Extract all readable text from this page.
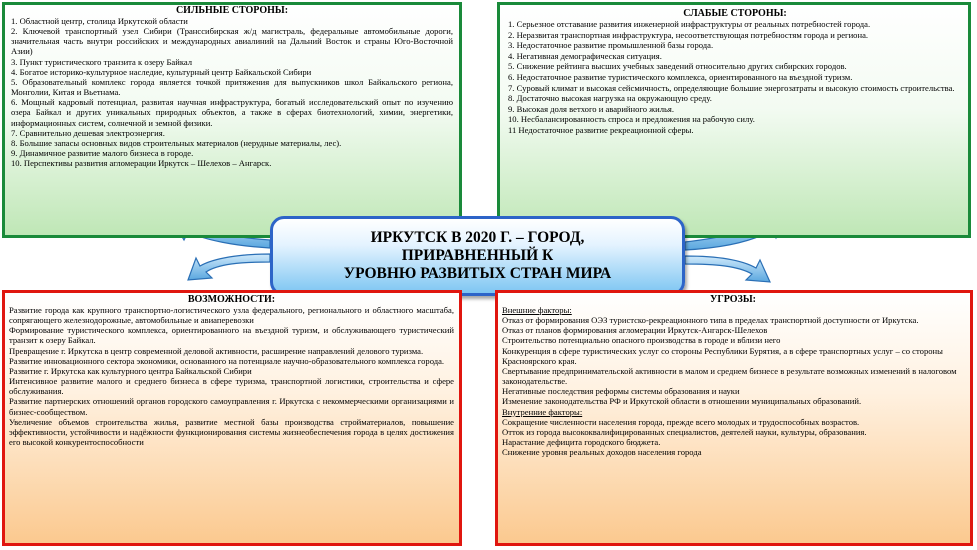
СИЛЬНЫЕ СТОРОНЫ:

1. Областной центр, столица Иркутской области

2. Ключевой транспортный узел Сибири (Транссибирская ж/д магистраль, федеральные автомобильные дороги, значительная часть внутри российских и международных авиалиний на Дальний Восток и страны Юго-Восточной Азии)

3. Пункт туристического транзита к озеру Байкал

4. Богатое историко-культурное наследие, культурный центр Байкальской Сибири

5. Образовательный комплекс города является точкой притяжения для выпускников школ Байкальского региона, Монголии, Китая и Вьетнама.

6. Мощный кадровый потенциал, развитая научная инфраструктура, богатый исследовательский опыт по изучению озера Байкал и других уникальных природных объектов, а также в сферах биотехнологий, химии, энергетики, информационных систем, солнечной и земной физики.

7. Сравнительно дешевая электроэнергия.

8. Большие запасы основных видов строительных материалов (нерудные материалы, лес).

9. Динамичное развитие малого бизнеса в городе.

10. Перспективы развития агломерации Иркутск – Шелехов – Ангарск.

СЛАБЫЕ СТОРОНЫ:

1. Серьезное отставание развития инженерной инфраструктуры от реальных потребностей города.

2. Неразвитая транспортная инфраструктура, несоответствующая потребностям города и региона.

3. Недостаточное развитие промышленной базы города.

4. Негативная демографическая ситуация.

5. Снижение рейтинга высших учебных заведений относительно других сибирских городов.

6. Недостаточное развитие туристического комплекса, ориентированного на въездной туризм.

7. Суровый климат и высокая сейсмичность, определяющие большие энергозатраты и высокую стоимость строительства.

8. Достаточно высокая нагрузка на окружающую среду.

9. Высокая доля ветхого и аварийного жилья.

10. Несбалансированность спроса и предложения на рабочую силу.

11 Недостаточное развитие рекреационной сферы.

ИРКУТСК В 2020 Г. – ГОРОД,
ПРИРАВНЕННЫЙ К
УРОВНЮ РАЗВИТЫХ СТРАН МИРА
ВОЗМОЖНОСТИ:

Развитие города как крупного транспортно-логистического узла федерального, регионального и областного масштаба, сопрягающего железнодорожные, автомобильные и авиаперевозки

Формирование туристического комплекса, ориентированного на въездной туризм, и обслуживающего туристический транзит к озеру Байкал.

Превращение г. Иркутска в центр современной деловой активности, расширение направлений делового туризма.

Развитие инновационного сектора экономики, основанного на потенциале научно-образовательного комплекса города.

Развитие г. Иркутска как культурного центра Байкальской Сибири

Интенсивное развитие малого и среднего бизнеса в сфере туризма, транспортной логистики, строительства и сфере обслуживания.

Развитие партнерских отношений органов городского самоуправления г. Иркутска с некоммерческими организациями и бизнес-сообществом.

Увеличение объемов строительства жилья, развитие местной базы производства стройматериалов, повышение эффективности, устойчивости и надёжности функционирования системы жизнеобеспечения города в целях достижения его высокой конкурентоспособности

УГРОЗЫ:

Внешние факторы:

Отказ от формирования ОЭЗ туристско-рекреационного типа в пределах транспортной доступности от Иркутска.

Отказ от планов формирования агломерации Иркутск-Ангарск-Шелехов

Строительство потенциально опасного производства в городе и вблизи него

Конкуренция в сфере туристических услуг со стороны Республики Бурятия, а в сфере транспортных услуг – со стороны Красноярского края.

Свертывание предпринимательской активности в малом и среднем бизнесе в результате возможных изменений в налоговом законодательстве.

Негативные последствия реформы системы образования и науки

Изменение законодательства РФ и Иркутской области в отношении муниципальных образований.

Внутренние факторы:

Сокращение численности населения города, прежде всего молодых и трудоспособных возрастов.

Отток из города высококвалифицированных специалистов, деятелей науки, культуры, образования.

Нарастание дефицита городского бюджета.

Снижение уровня реальных доходов населения города
